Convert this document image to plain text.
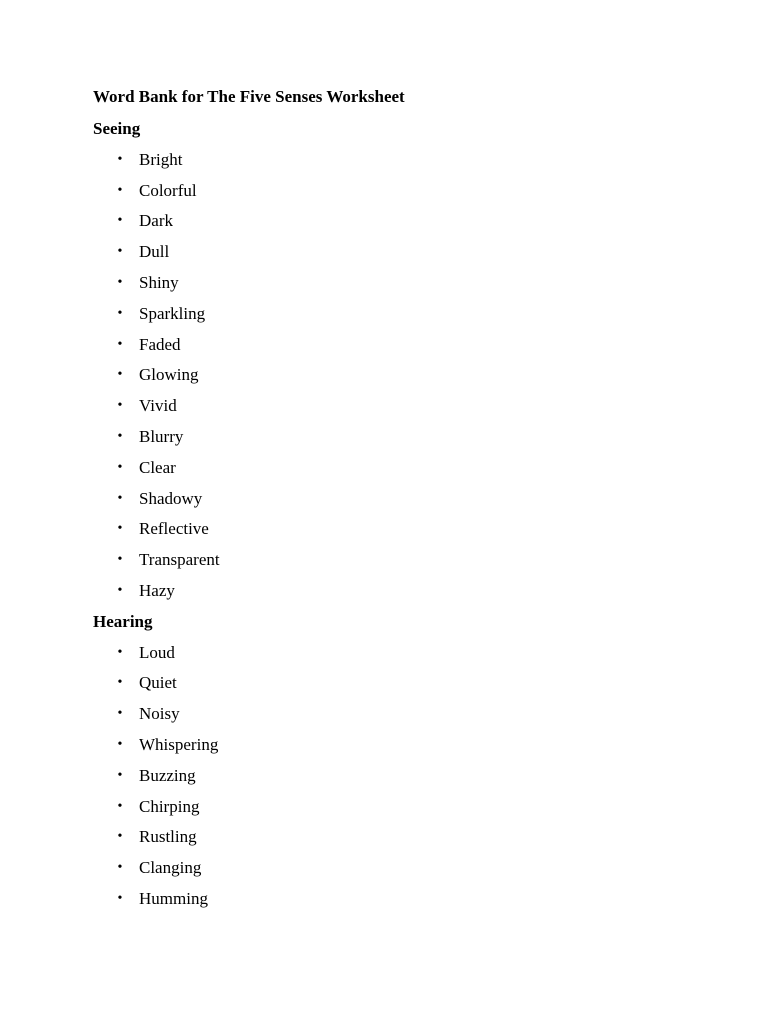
Word Bank for The Five Senses Worksheet
Seeing
• Bright
• Colorful
• Dark
• Dull
• Shiny
• Sparkling
• Faded
• Glowing
• Vivid
• Blurry
• Clear
• Shadowy
• Reflective
• Transparent
• Hazy
Hearing
• Loud
• Quiet
• Noisy
• Whispering
• Buzzing
• Chirping
• Rustling
• Clanging
• Humming
